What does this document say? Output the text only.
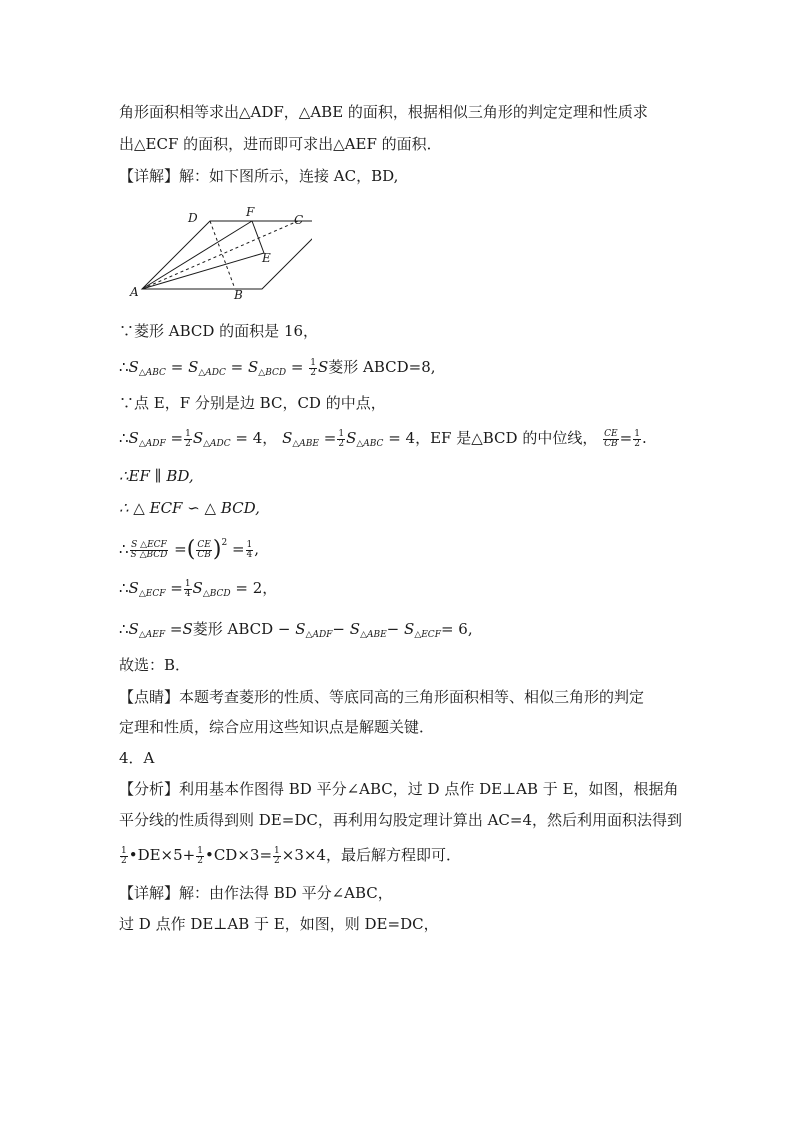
角形面积相等求出△ADF，△ABE 的面积，根据相似三角形的判定定理和性质求
出△ECF 的面积，进而即可求出△AEF 的面积．
【详解】解：如下图所示，连接 AC，BD,
A	B
C
D
E
F
∵菱形 ABCD 的面积是 16，
$\therefore S_{\triangle ABC} = S_{\triangle ADC} = S_{\triangle BCD} = \frac{1}{2}$ S菱形 ABCD=8,
∵点 E，F 分别是边 BC，CD 的中点，
$\therefore S_{\triangle ADF} = \frac{1}{2} S_{\triangle ADC} = 4$， $S_{\triangle ABE} = \frac{1}{2} S_{\triangle ABC} = 4$，EF 是△BCD 的中位线， $\frac{CE}{CB} = \frac{1}{2}$ .
∴EF ∥ BD,
∴ △ ECF ∽ △ BCD,
∴ $\frac{\text{S △ECF}}{\text{S △BCD}}$ =( $\frac{CE}{CB} )^2 = \frac{1}{4}$ ,
$\therefore S_{\triangle ECF} = \frac{1}{4} S_{\triangle BCD} = 2$，
$\therefore S_{\triangle AEF} =S$菱形 ABCD − $S_{\triangle ADF}- S_{\triangle ABE}- S_{\triangle ECF}= 6$,
故选：B．
【点睛】本题考查菱形的性质、等底同高的三角形面积相等、相似三角形的判定
定理和性质，综合应用这些知识点是解题关键．
4．A
【分析】利用基本作图得 BD 平分∠ABC，过 D 点作 DE⊥AB 于 E，如图，根据角
平分线的性质得到则 DE=DC，再利用勾股定理计算出 AC=4，然后利用面积法得到
$\frac{1}{2}$ •DE×5+ $\frac{1}{2}$ •CD×3= $\frac{1}{2} \times 3\times 4$，最后解方程即可．
【详解】解：由作法得 BD 平分∠ABC，
过 D 点作 DE⊥AB 于 E，如图，则 DE=DC，
